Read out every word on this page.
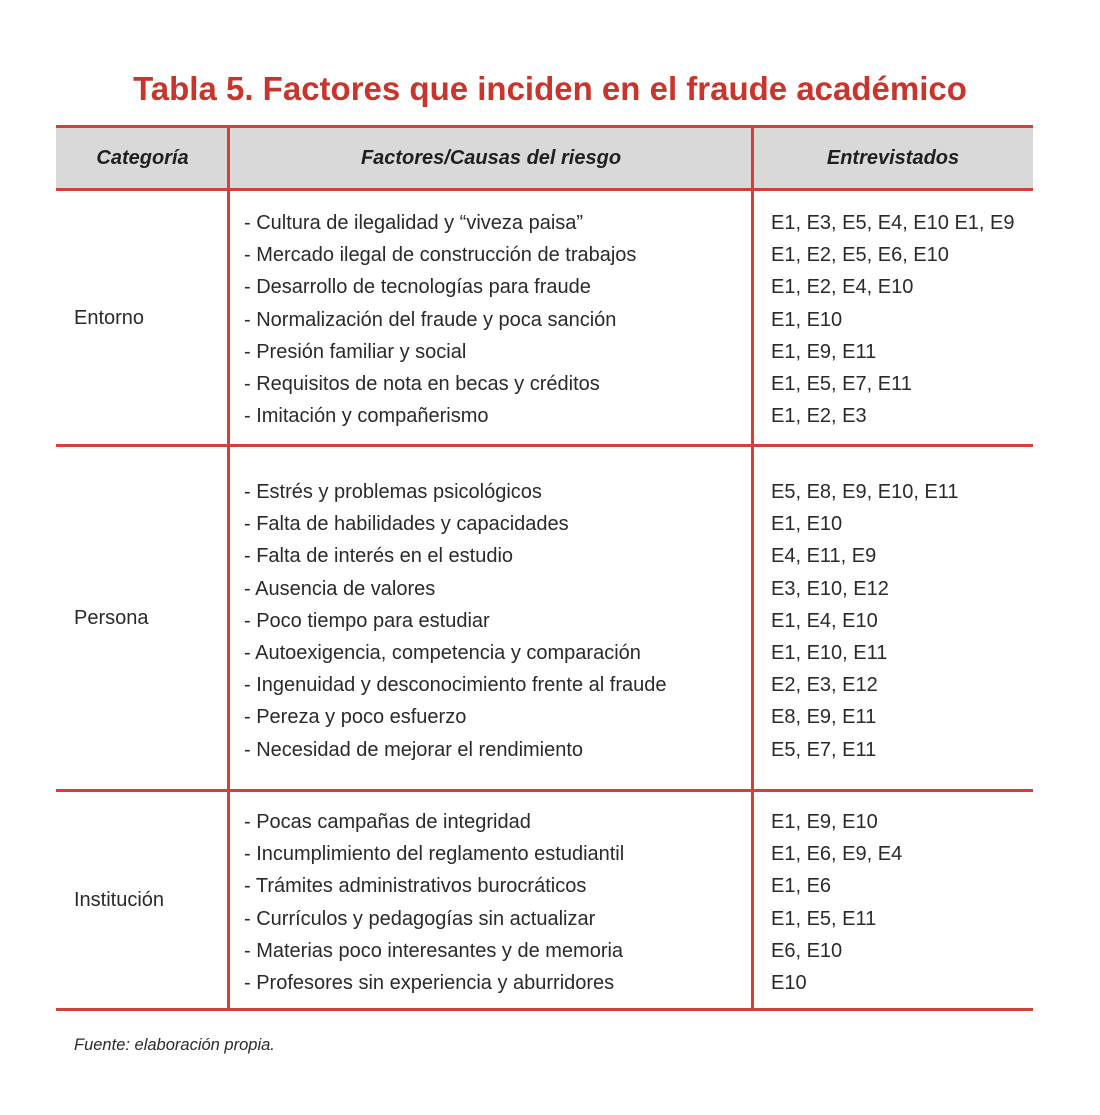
Tabla 5. Factores que inciden en el fraude académico
Categoría	Factores/Causas del riesgo	Entrevistados
Entorno
- Cultura de ilegalidad y “viveza paisa”
- Mercado ilegal de construcción de trabajos
- Desarrollo de tecnologías para fraude
- Normalización del fraude y poca sanción
- Presión familiar y social
- Requisitos de nota en becas y créditos
- Imitación y compañerismo
E1, E3, E5, E4, E10 E1, E9
E1, E2, E5, E6, E10
E1, E2, E4, E10
E1, E10
E1, E9, E11
E1, E5, E7, E11
E1, E2, E3
Persona
- Estrés y problemas psicológicos
- Falta de habilidades y capacidades
- Falta de interés en el estudio
- Ausencia de valores
- Poco tiempo para estudiar
- Autoexigencia, competencia y comparación
- Ingenuidad y desconocimiento frente al fraude
- Pereza y poco esfuerzo
- Necesidad de mejorar el rendimiento
E5, E8, E9, E10, E11
E1, E10
E4, E11, E9
E3, E10, E12
E1, E4, E10
E1, E10, E11
E2, E3, E12
E8, E9, E11
E5, E7, E11
Institución
- Pocas campañas de integridad
- Incumplimiento del reglamento estudiantil
- Trámites administrativos burocráticos
- Currículos y pedagogías sin actualizar
- Materias poco interesantes y de memoria
- Profesores sin experiencia y aburridores
E1, E9, E10
E1, E6, E9, E4
E1, E6
E1, E5, E11
E6, E10
E10
Fuente: elaboración propia.
